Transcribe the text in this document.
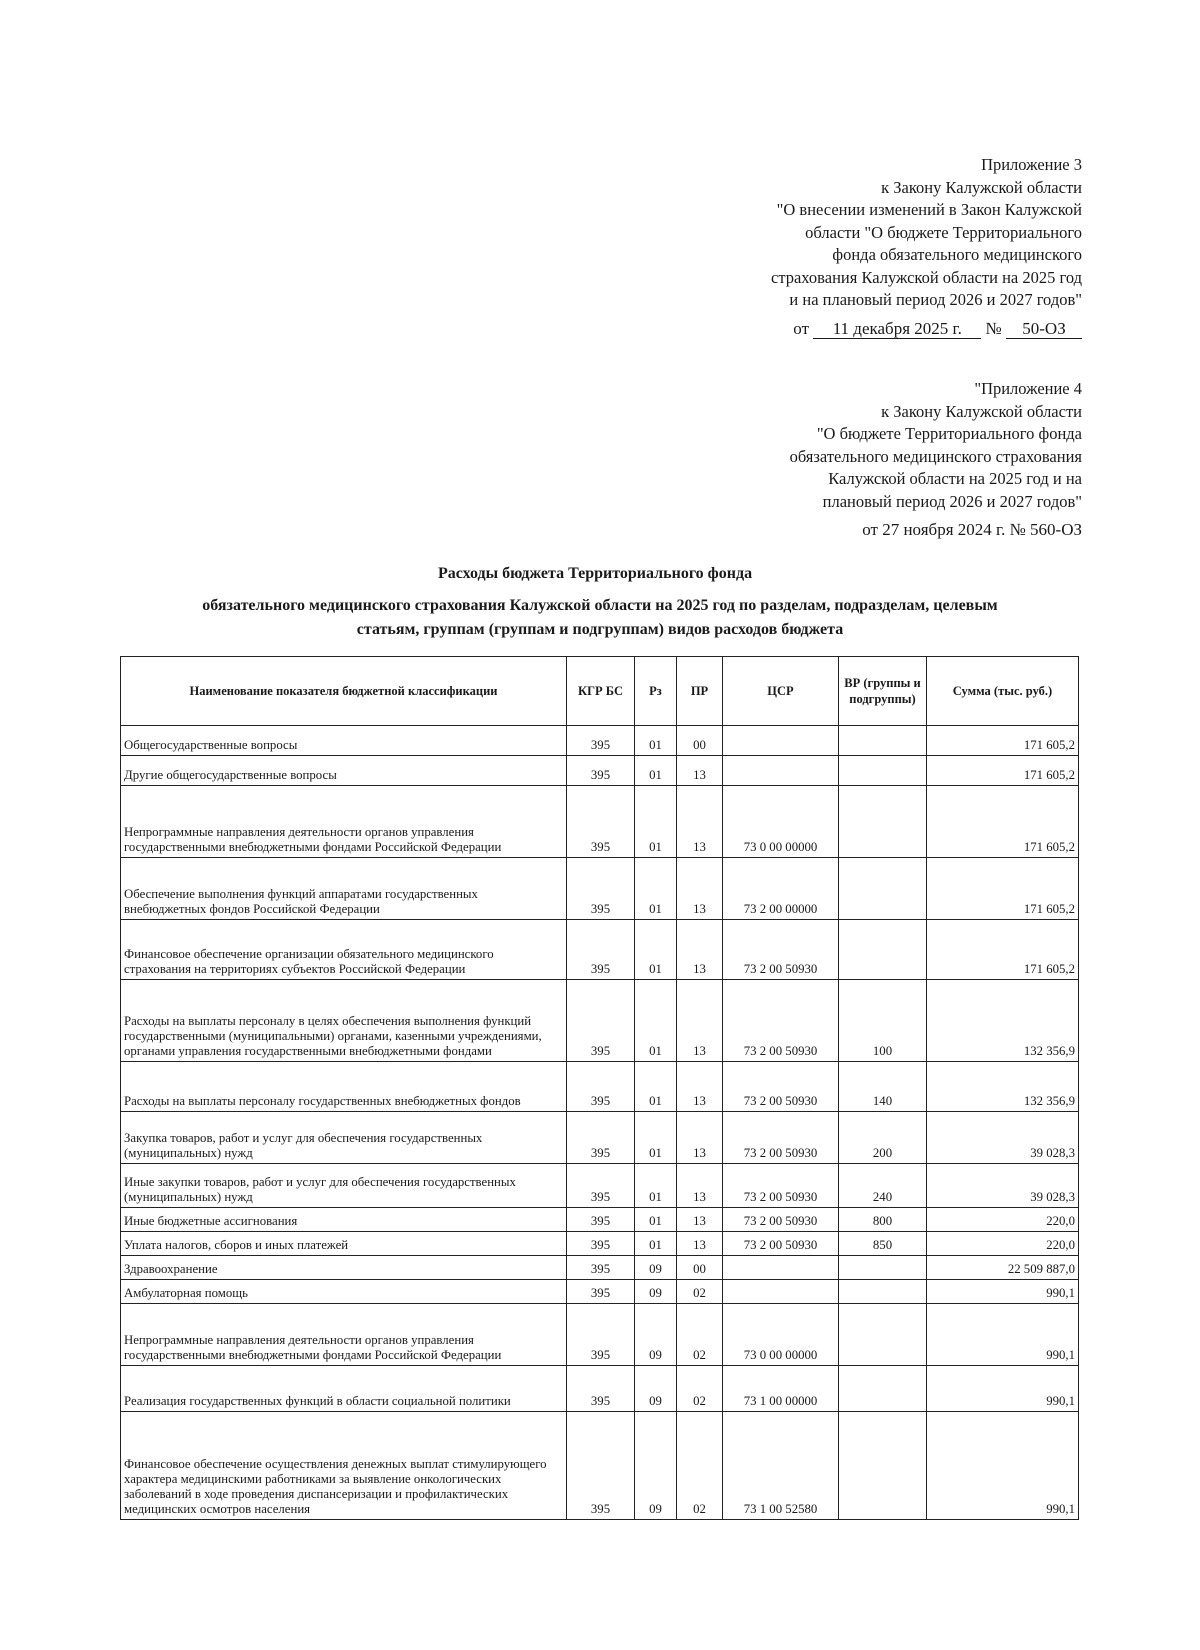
Приложение 3
к Закону Калужской области
"О внесении изменений в Закон Калужской
области "О бюджете Территориального
фонда обязательного медицинского
страхования Калужской области на 2025 год
и на плановый период 2026 и 2027 годов"
от 11 декабря 2025 г. № 50-ОЗ
"Приложение 4
к Закону Калужской области
"О бюджете Территориального фонда
обязательного медицинского страхования
Калужской области на 2025 год и на
плановый период 2026 и 2027 годов"
от 27 ноября 2024 г. № 560-ОЗ
Расходы бюджета Территориального фонда
обязательного медицинского страхования Калужской области на 2025 год по разделам, подразделам, целевым
статьям, группам (группам и подгруппам) видов расходов бюджета
Наименование показателя бюджетной классификации	КГР БС	Рз	ПР	ЦСР	ВР (группы и подгруппы)	Сумма (тыс. руб.)
Общегосударственные вопросы	395	01	00			171 605,2
Другие общегосударственные вопросы	395	01	13			171 605,2
Непрограммные направления деятельности органов управления государственными внебюджетными фондами Российской Федерации	395	01	13	73 0 00 00000		171 605,2
Обеспечение выполнения функций аппаратами государственных внебюджетных фондов Российской Федерации	395	01	13	73 2 00 00000		171 605,2
Финансовое обеспечение организации обязательного медицинского страхования на территориях субъектов Российской Федерации	395	01	13	73 2 00 50930		171 605,2
Расходы на выплаты персоналу в целях обеспечения выполнения функций государственными (муниципальными) органами, казенными учреждениями, органами управления государственными внебюджетными фондами	395	01	13	73 2 00 50930	100	132 356,9
Расходы на выплаты персоналу государственных внебюджетных фондов	395	01	13	73 2 00 50930	140	132 356,9
Закупка товаров, работ и услуг для обеспечения государственных (муниципальных) нужд	395	01	13	73 2 00 50930	200	39 028,3
Иные закупки товаров, работ и услуг для обеспечения государственных (муниципальных) нужд	395	01	13	73 2 00 50930	240	39 028,3
Иные бюджетные ассигнования	395	01	13	73 2 00 50930	800	220,0
Уплата налогов, сборов и иных платежей	395	01	13	73 2 00 50930	850	220,0
Здравоохранение	395	09	00			22 509 887,0
Амбулаторная помощь	395	09	02			990,1
Непрограммные направления деятельности органов управления государственными внебюджетными фондами Российской Федерации	395	09	02	73 0 00 00000		990,1
Реализация государственных функций в области социальной политики	395	09	02	73 1 00 00000		990,1
Финансовое обеспечение осуществления денежных выплат стимулирующего характера медицинскими работниками за выявление онкологических заболеваний в ходе проведения диспансеризации и профилактических медицинских осмотров населения	395	09	02	73 1 00 52580		990,1
